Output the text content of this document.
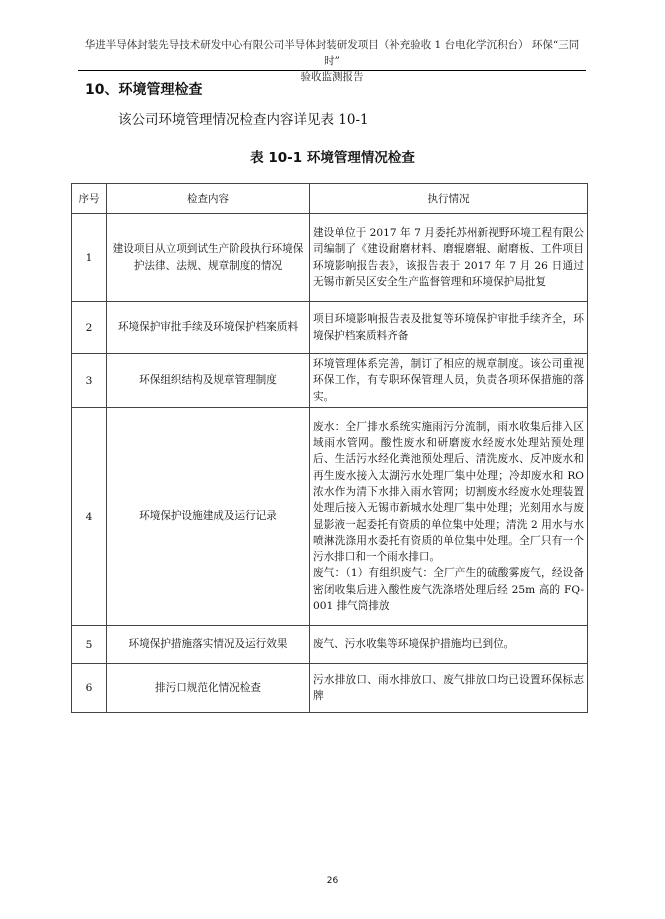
华进半导体封装先导技术研发中心有限公司半导体封装研发项目（补充验收 1 台电化学沉积台） 环保“三同时”
验收监测报告
10、环境管理检查
该公司环境管理情况检查内容详见表 10-1
表 10-1 环境管理情况检查
序号	检查内容	执行情况
1	建设项目从立项到试生产阶段执行环境保护法律、法规、规章制度的情况	建设单位于 2017 年 7 月委托苏州新视野环境工程有限公司编制了《建设耐磨材料、磨辊磨辊、耐磨板、工件项目环境影响报告表》，该报告表于 2017 年 7 月 26 日通过无锡市新吴区安全生产监督管理和环境保护局批复
2	环境保护审批手续及环境保护档案质料	项目环境影响报告表及批复等环境保护审批手续齐全，环境保护档案质料齐备
3	环保组织结构及规章管理制度	环境管理体系完善，制订了相应的规章制度。该公司重视环保工作，有专职环保管理人员，负责各项环保措施的落实。
4	环境保护设施建成及运行记录	废水：全厂排水系统实施雨污分流制，雨水收集后排入区域雨水管网。酸性废水和研磨废水经废水处理站预处理后、生活污水经化粪池预处理后、清洗废水、反冲废水和再生废水接入太湖污水处理厂集中处理；冷却废水和 RO 浓水作为清下水排入雨水管网；切割废水经废水处理装置处理后接入无锡市新城水处理厂集中处理；光刻用水与废显影液一起委托有资质的单位集中处理；清洗 2 用水与水喷淋洗涤用水委托有资质的单位集中处理。全厂只有一个污水排口和一个雨水排口。
废气：（1）有组织废气：全厂产生的硫酸雾废气，经设备密闭收集后进入酸性废气洗涤塔处理后经 25m 高的 FQ-001 排气筒排放

5	环境保护措施落实情况及运行效果	废气、污水收集等环境保护措施均已到位。
6	排污口规范化情况检查	污水排放口、雨水排放口、废气排放口均已设置环保标志牌
26
